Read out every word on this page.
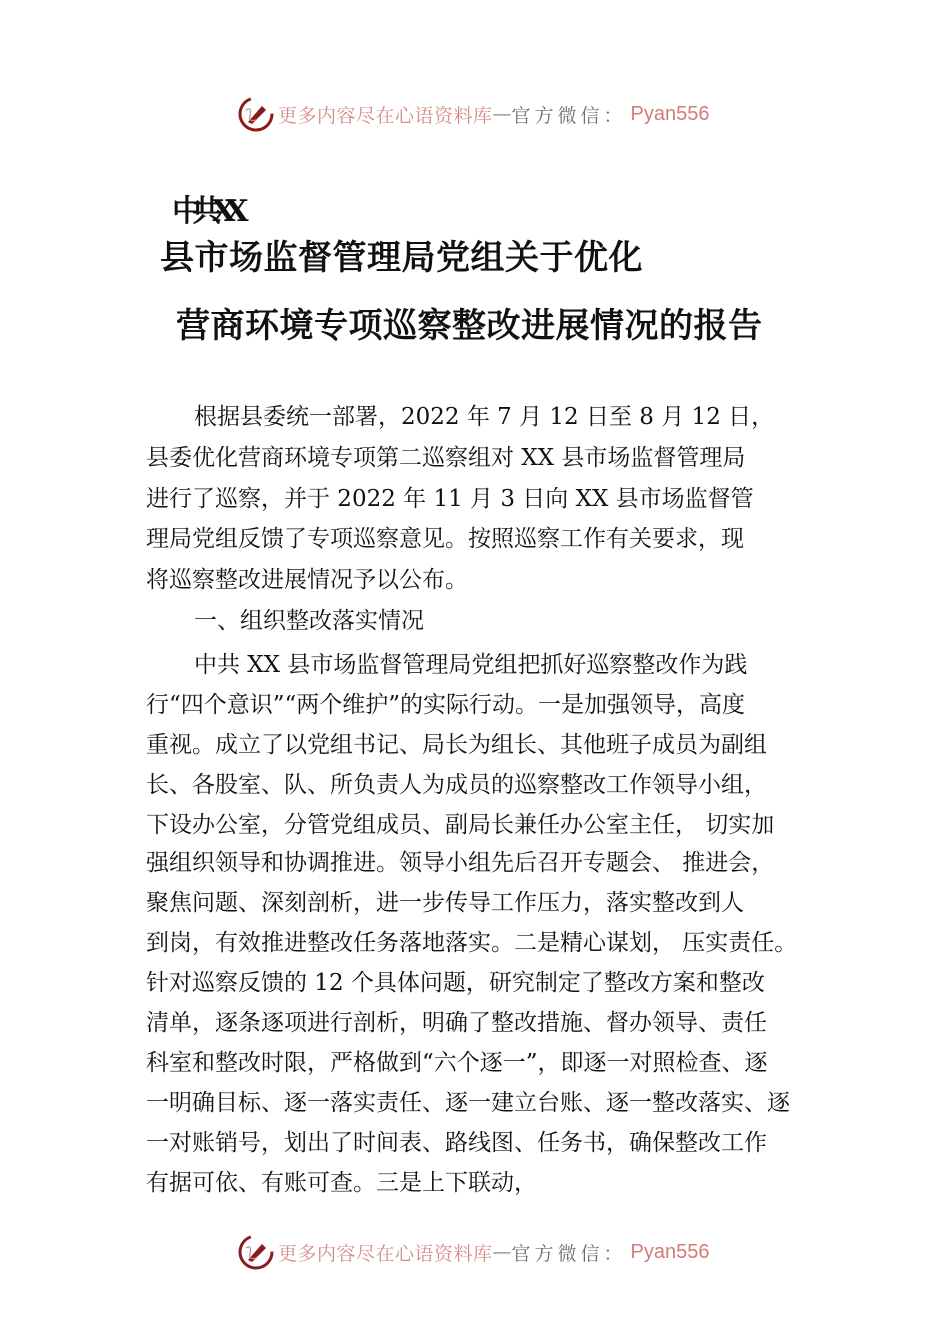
更多内容尽在心语资料库 — 官方微信： Pyan556
中共XX
县市场监督管理局党组关于优化
营商环境专项巡察整改进展情况的报告
根据县委统一部署，2022 年 7 月 12 日至 8 月 12 日，
县委优化营商环境专项第二巡察组对 XX 县市场监督管理局
进行了巡察，并于 2022 年 11 月 3 日向 XX 县市场监督管
理局党组反馈了专项巡察意见。按照巡察工作有关要求，现
将巡察整改进展情况予以公布。
一、组织整改落实情况
中共 XX 县市场监督管理局党组把抓好巡察整改作为践
行“四个意识”“两个维护”的实际行动。一是加强领导，高度
重视。成立了以党组书记、局长为组长、其他班子成员为副组
长、各股室、队、所负责人为成员的巡察整改工作领导小组，
下设办公室，分管党组成员、副局长兼任办公室主任， 切实加
强组织领导和协调推进。领导小组先后召开专题会、 推进会，
聚焦问题、深刻剖析，进一步传导工作压力，落实整改到人
到岗，有效推进整改任务落地落实。二是精心谋划， 压实责任。
针对巡察反馈的 12 个具体问题，研究制定了整改方案和整改
清单，逐条逐项进行剖析，明确了整改措施、督办领导、责任
科室和整改时限，严格做到“六个逐一”，即逐一对照检查、逐
一明确目标、逐一落实责任、逐一建立台账、逐一整改落实、逐
一对账销号，划出了时间表、路线图、任务书，确保整改工作
有据可依、有账可查。三是上下联动，
更多内容尽在心语资料库 — 官方微信： Pyan556
